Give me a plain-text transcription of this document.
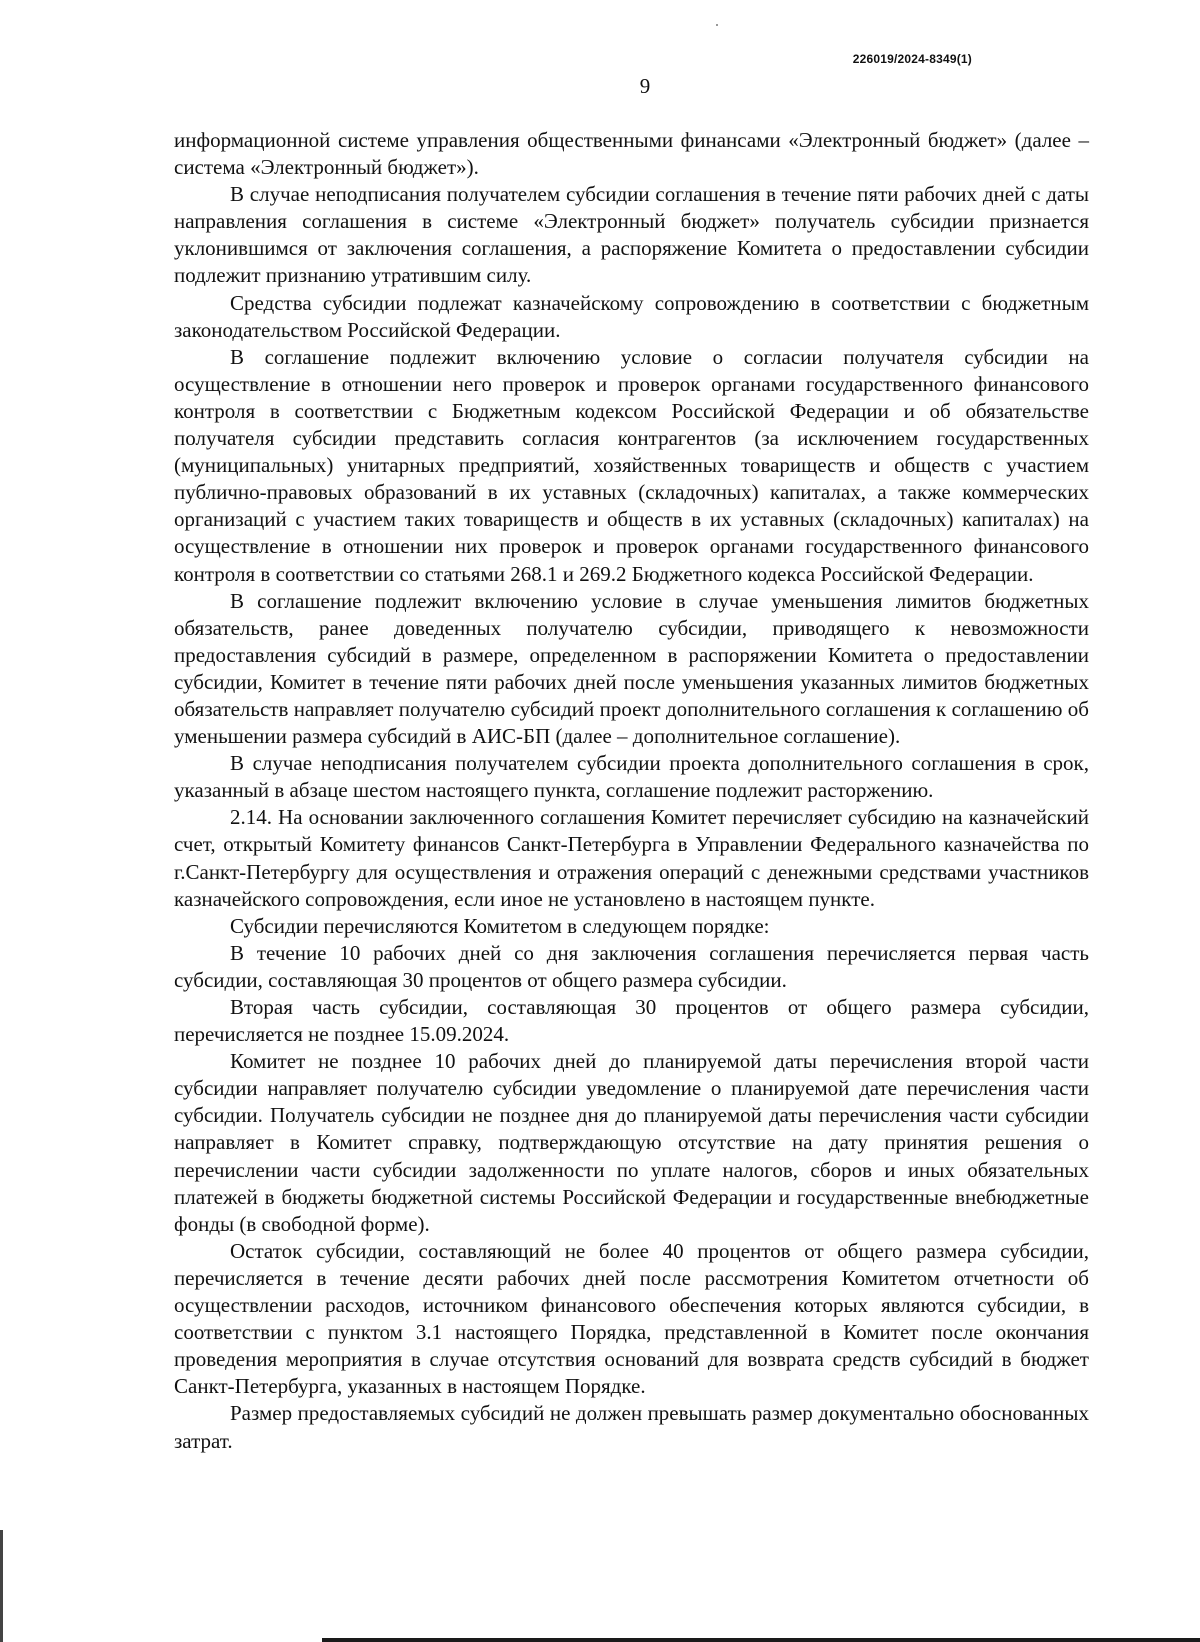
226019/2024-8349(1)
9

информационной системе управления общественными финансами «Электронный бюджет» (далее – система «Электронный бюджет»).

В случае неподписания получателем субсидии соглашения в течение пяти рабочих дней с даты направления соглашения в системе «Электронный бюджет» получатель субсидии признается уклонившимся от заключения соглашения, а распоряжение Комитета о предоставлении субсидии подлежит признанию утратившим силу.

Средства субсидии подлежат казначейскому сопровождению в соответствии с бюджетным законодательством Российской Федерации.

В соглашение подлежит включению условие о согласии получателя субсидии на осуществление в отношении него проверок и проверок органами государственного финансового контроля в соответствии с Бюджетным кодексом Российской Федерации и об обязательстве получателя субсидии представить согласия контрагентов (за исключением государственных (муниципальных) унитарных предприятий, хозяйственных товариществ и обществ с участием публично-правовых образований в их уставных (складочных) капиталах, а также коммерческих организаций с участием таких товариществ и обществ в их уставных (складочных) капиталах) на осуществление в отношении них проверок и проверок органами государственного финансового контроля в соответствии со статьями 268.1 и 269.2 Бюджетного кодекса Российской Федерации.

В соглашение подлежит включению условие в случае уменьшения лимитов бюджетных обязательств, ранее доведенных получателю субсидии, приводящего к невозможности предоставления субсидий в размере, определенном в распоряжении Комитета о предоставлении субсидии, Комитет в течение пяти рабочих дней после уменьшения указанных лимитов бюджетных обязательств направляет получателю субсидий проект дополнительного соглашения к соглашению об уменьшении размера субсидий в АИС-БП (далее – дополнительное соглашение).

В случае неподписания получателем субсидии проекта дополнительного соглашения в срок, указанный в абзаце шестом настоящего пункта, соглашение подлежит расторжению.

2.14. На основании заключенного соглашения Комитет перечисляет субсидию на казначейский счет, открытый Комитету финансов Санкт-Петербурга в Управлении Федерального казначейства по г.Санкт-Петербургу для осуществления и отражения операций с денежными средствами участников казначейского сопровождения, если иное не установлено в настоящем пункте.

Субсидии перечисляются Комитетом в следующем порядке:

В течение 10 рабочих дней со дня заключения соглашения перечисляется первая часть субсидии, составляющая 30 процентов от общего размера субсидии.

Вторая часть субсидии, составляющая 30 процентов от общего размера субсидии, перечисляется не позднее 15.09.2024.

Комитет не позднее 10 рабочих дней до планируемой даты перечисления второй части субсидии направляет получателю субсидии уведомление о планируемой дате перечисления части субсидии. Получатель субсидии не позднее дня до планируемой даты перечисления части субсидии направляет в Комитет справку, подтверждающую отсутствие на дату принятия решения о перечислении части субсидии задолженности по уплате налогов, сборов и иных обязательных платежей в бюджеты бюджетной системы Российской Федерации и государственные внебюджетные фонды (в свободной форме).

Остаток субсидии, составляющий не более 40 процентов от общего размера субсидии, перечисляется в течение десяти рабочих дней после рассмотрения Комитетом отчетности об осуществлении расходов, источником финансового обеспечения которых являются субсидии, в соответствии с пунктом 3.1 настоящего Порядка, представленной в Комитет после окончания проведения мероприятия в случае отсутствия оснований для возврата средств субсидий в бюджет Санкт-Петербурга, указанных в настоящем Порядке.

Размер предоставляемых субсидий не должен превышать размер документально обоснованных затрат.
